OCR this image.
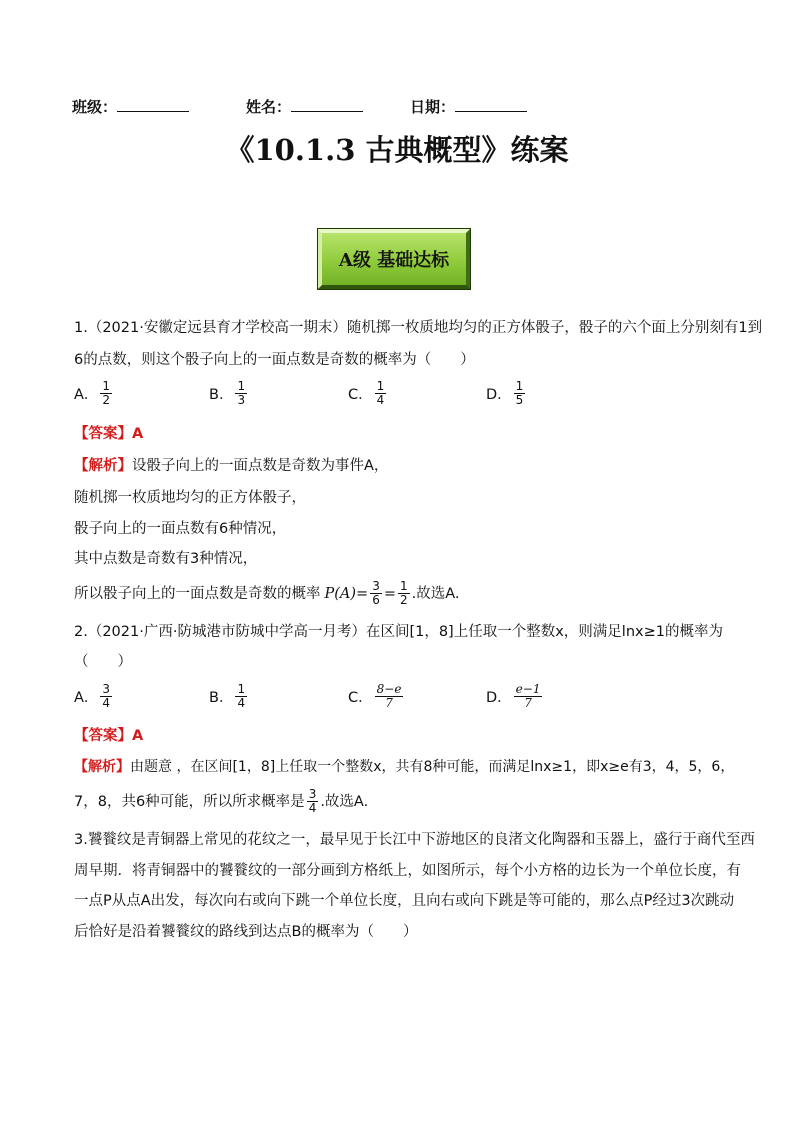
班级：	姓名：	日期：
《10.1.3 古典概型》练案
A级 基础达标
1.（2021·安徽定远县育才学校高一期末）随机掷一枚质地均匀的正方体骰子，骰子的六个面上分别刻有1到
6的点数，则这个骰子向上的一面点数是奇数的概率为（　　）
A． $\frac{1}{2}$	B． $\frac{1}{3}$	C． $\frac{1}{4}$	D． $\frac{1}{5}$
【答案】A
【解析】设骰子向上的一面点数是奇数为事件A，
随机掷一枚质地均匀的正方体骰子，
骰子向上的一面点数有6种情况，
其中点数是奇数有3种情况，
所以骰子向上的一面点数是奇数的概率 $P(A)= \frac{3}{6} = \frac{1}{2}$ .故选A.
2.（2021·广西·防城港市防城中学高一月考）在区间[1，8]上任取一个整数x，则满足lnx≥1的概率为
（　　）
A． $\frac{3}{4}$	B． $\frac{1}{4}$	C． $\frac{8-e}{7}$	D． $\frac{e-1}{7}$
【答案】A
【解析】由题意 ，在区间[1，8]上任取一个整数x，共有8种可能，而满足lnx≥1，即x≥e有3，4，5，6，
7，8，共6种可能，所以所求概率是 $\frac{3}{4}$ .故选A.
3.饕餮纹是青铜器上常见的花纹之一，最早见于长江中下游地区的良渚文化陶器和玉器上，盛行于商代至西
周早期．将青铜器中的饕餮纹的一部分画到方格纸上，如图所示，每个小方格的边长为一个单位长度，有
一点P从点A出发，每次向右或向下跳一个单位长度，且向右或向下跳是等可能的，那么点P经过3次跳动
后恰好是沿着饕餮纹的路线到达点B的概率为（　　）
